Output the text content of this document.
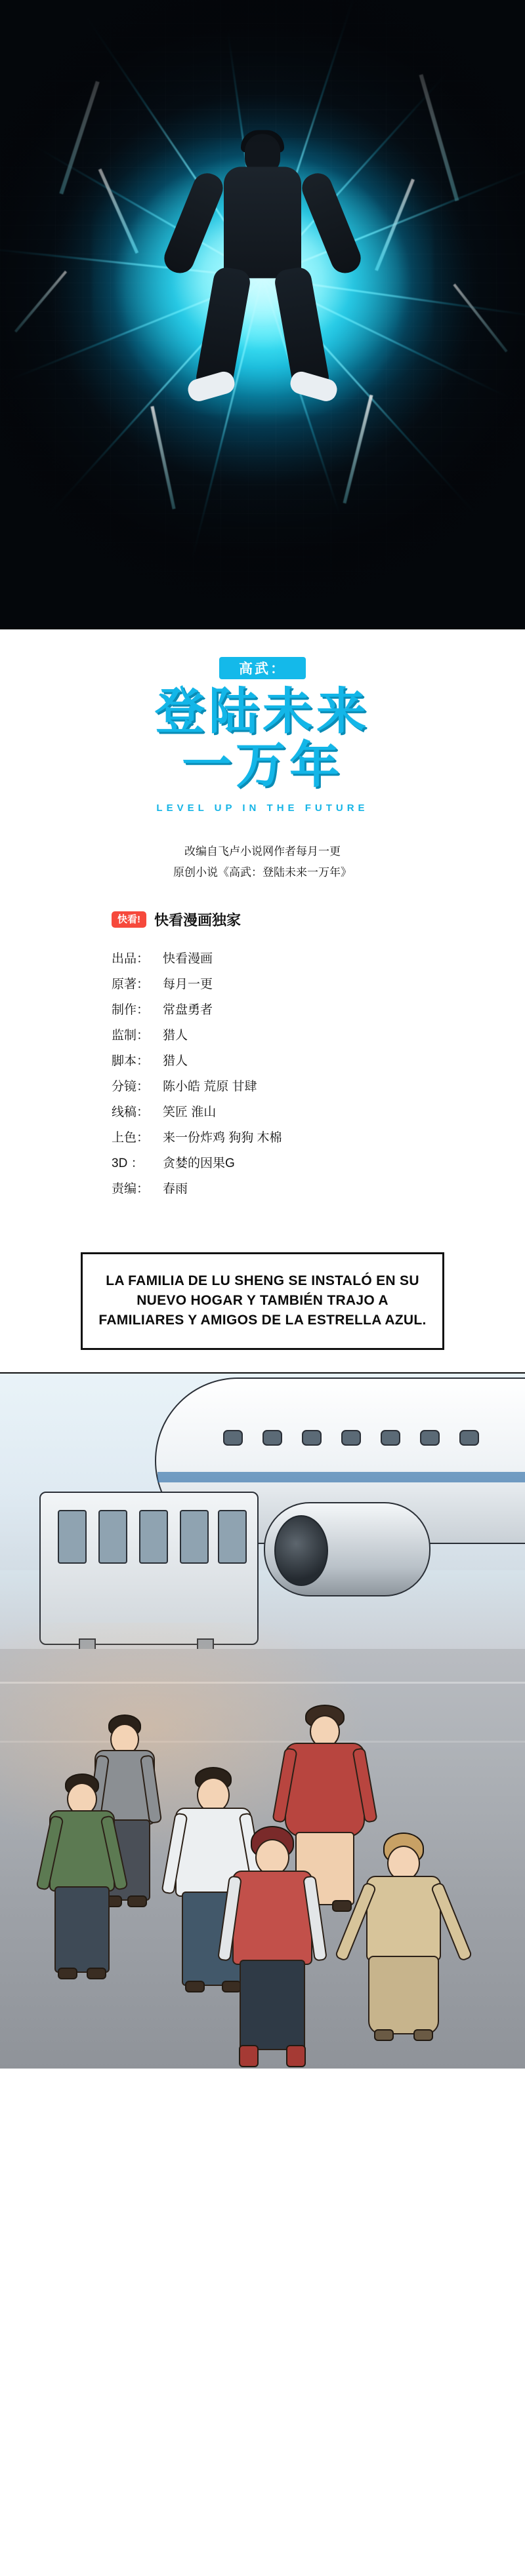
高武：
登陆未来
一万年
LEVEL UP IN THE FUTURE
改编自飞卢小说网作者每月一更
原创小说《高武：登陆未来一万年》
快看! 快看漫画独家
出品： 快看漫画
原著： 每月一更
制作： 常盘勇者
监制： 猎人
脚本： 猎人
分镜： 陈小皓 荒原 甘肆
线稿： 笑匠 淮山
上色： 来一份炸鸡 狗狗 木棉
3D ： 贪婪的因果G
责编： 春雨
LA FAMILIA DE LU SHENG SE INSTALÓ EN SU NUEVO HOGAR Y TAMBIÉN TRAJO A FAMILIARES Y AMIGOS DE LA ESTRELLA AZUL.
